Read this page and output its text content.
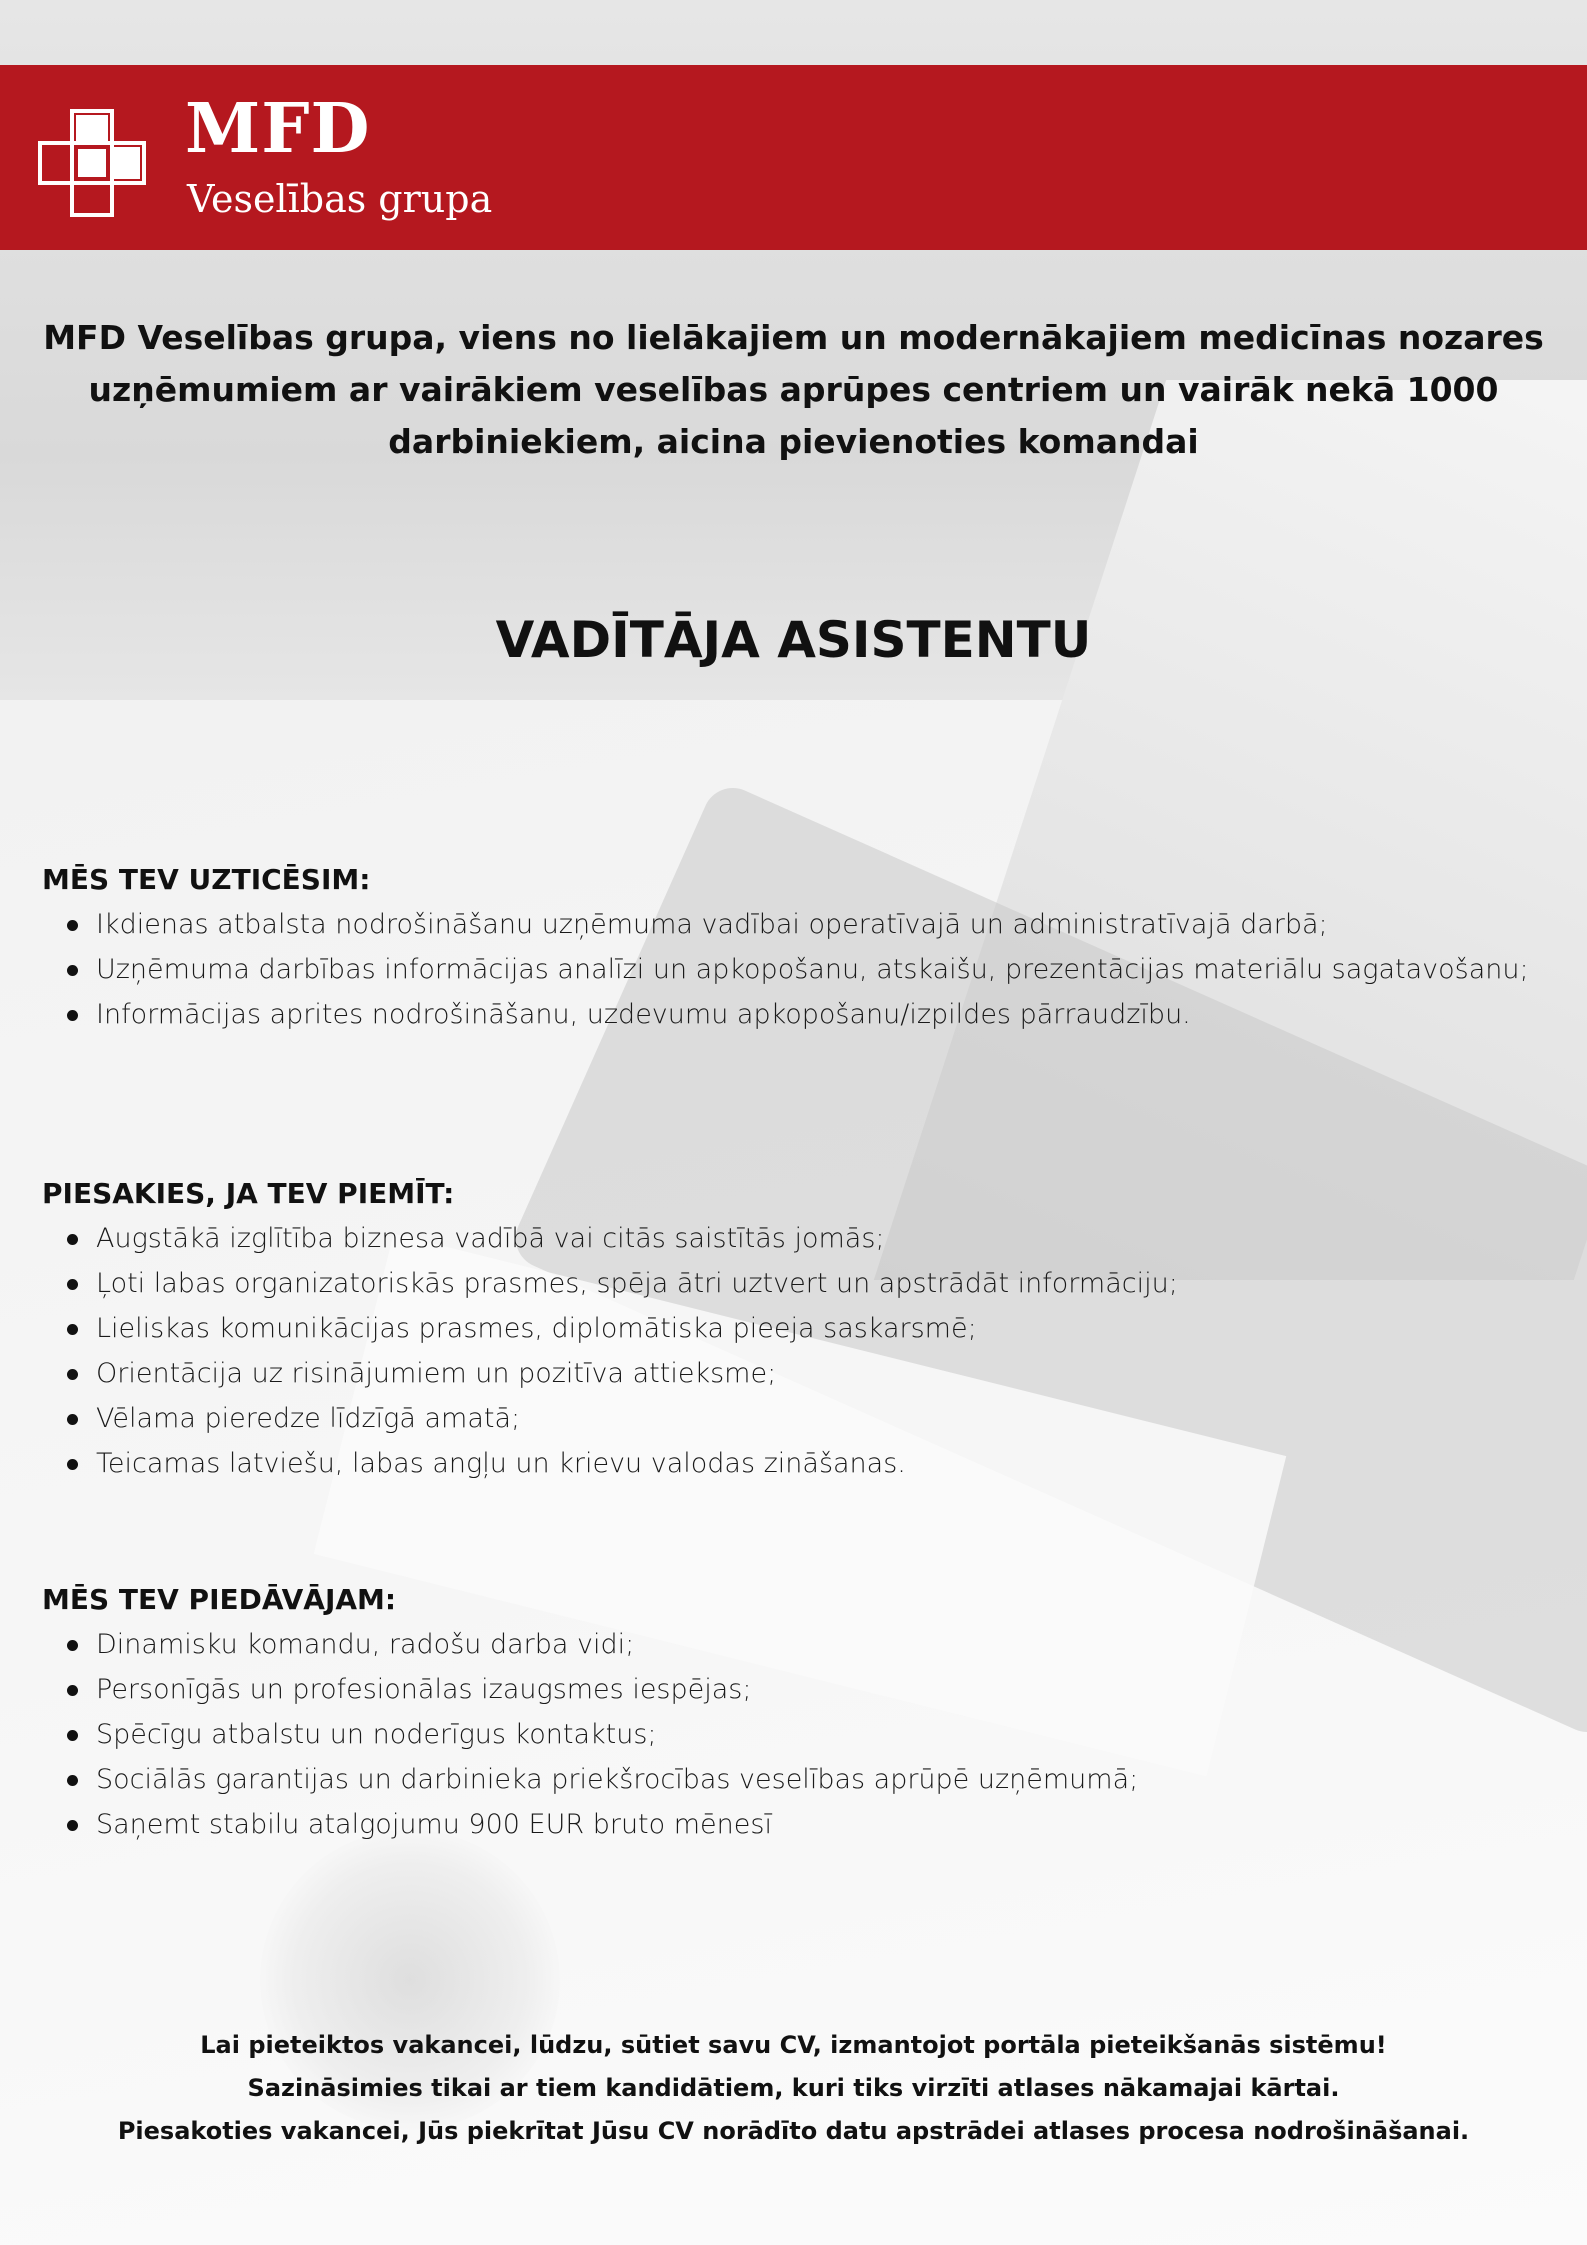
MFD

Veselības grupa

MFD Veselības grupa, viens no lielākajiem un modernākajiem medicīnas nozares uzņēmumiem ar vairākiem veselības aprūpes centriem un vairāk nekā 1000 darbiniekiem, aicina pievienoties komandai

VADĪTĀJA ASISTENTU
MĒS TEV UZTICĒSIM:
Ikdienas atbalsta nodrošināšanu uzņēmuma vadībai operatīvajā un administratīvajā darbā;
Uzņēmuma darbības informācijas analīzi un apkopošanu, atskaišu, prezentācijas materiālu sagatavošanu;
Informācijas aprites nodrošināšanu, uzdevumu apkopošanu/izpildes pārraudzību.
PIESAKIES, JA TEV PIEMĪT:
Augstākā izglītība biznesa vadībā vai citās saistītās jomās;
Ļoti labas organizatoriskās prasmes, spēja ātri uztvert un apstrādāt informāciju;
Lieliskas komunikācijas prasmes, diplomātiska pieeja saskarsmē;
Orientācija uz risinājumiem un pozitīva attieksme;
Vēlama pieredze līdzīgā amatā;
Teicamas latviešu, labas angļu un krievu valodas zināšanas.
MĒS TEV PIEDĀVĀJAM:
Dinamisku komandu, radošu darba vidi;
Personīgās un profesionālas izaugsmes iespējas;
Spēcīgu atbalstu un noderīgus kontaktus;
Sociālās garantijas un darbinieka priekšrocības veselības aprūpē uzņēmumā;
Saņemt stabilu atalgojumu 900 EUR bruto mēnesī

Lai pieteiktos vakancei, lūdzu, sūtiet savu CV, izmantojot portāla pieteikšanās sistēmu!

Sazināsimies tikai ar tiem kandidātiem, kuri tiks virzīti atlases nākamajai kārtai.

Piesakoties vakancei, Jūs piekrītat Jūsu CV norādīto datu apstrādei atlases procesa nodrošināšanai.
